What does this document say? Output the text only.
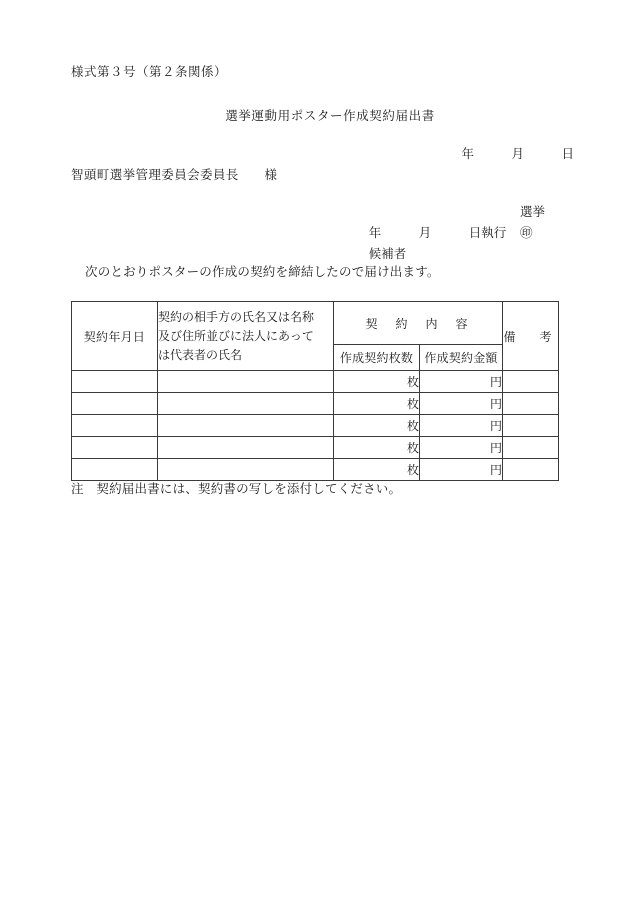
様式第３号（第２条関係）
選挙運動用ポスター作成契約届出書
年　　　月　　　日
智頭町選挙管理委員会委員長　　様

年　　　月　　　日執行

選挙

候補者

㊞

次のとおりポスターの作成の契約を締結したので届け出ます。
契約年月日	契約の相手方の氏名又は名称
及び住所並びに法人にあって
は代表者の氏名	契　約　内　容		備　考
		作成契約枚数	作成契約金額	
		枚	円	
		枚	円	
		枚	円	
		枚	円	
		枚	円	
注　契約届出書には、契約書の写しを添付してください。
